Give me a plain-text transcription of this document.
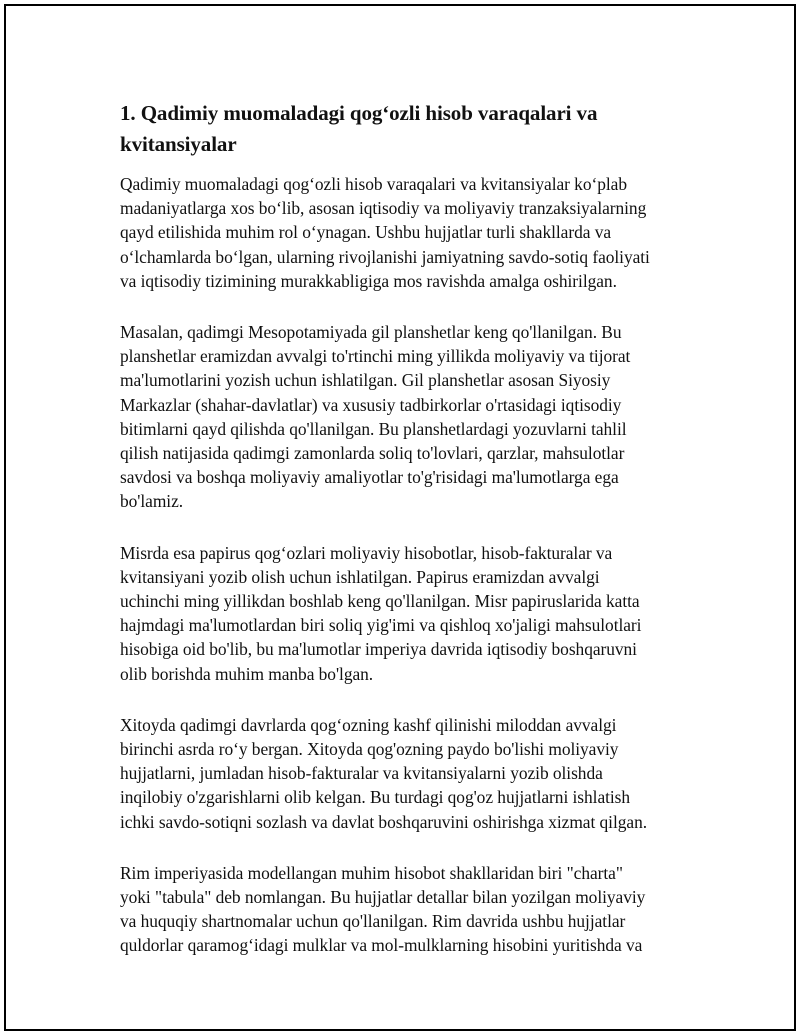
1. Qadimiy muomaladagi qog‘ozli hisob varaqalari va kvitansiyalar

Qadimiy muomaladagi qog‘ozli hisob varaqalari va kvitansiyalar ko‘plab
madaniyatlarga xos bo‘lib, asosan iqtisodiy va moliyaviy tranzaksiyalarning
qayd etilishida muhim rol o‘ynagan. Ushbu hujjatlar turli shakllarda va
o‘lchamlarda bo‘lgan, ularning rivojlanishi jamiyatning savdo-sotiq faoliyati
va iqtisodiy tizimining murakkabligiga mos ravishda amalga oshirilgan.

Masalan, qadimgi Mesopotamiyada gil planshetlar keng qo'llanilgan. Bu
planshetlar eramizdan avvalgi to'rtinchi ming yillikda moliyaviy va tijorat
ma'lumotlarini yozish uchun ishlatilgan. Gil planshetlar asosan Siyosiy
Markazlar (shahar-davlatlar) va xususiy tadbirkorlar o'rtasidagi iqtisodiy
bitimlarni qayd qilishda qo'llanilgan. Bu planshetlardagi yozuvlarni tahlil
qilish natijasida qadimgi zamonlarda soliq to'lovlari, qarzlar, mahsulotlar
savdosi va boshqa moliyaviy amaliyotlar to'g'risidagi ma'lumotlarga ega
bo'lamiz.

Misrda esa papirus qog‘ozlari moliyaviy hisobotlar, hisob-fakturalar va
kvitansiyani yozib olish uchun ishlatilgan. Papirus eramizdan avvalgi
uchinchi ming yillikdan boshlab keng qo'llanilgan. Misr papiruslarida katta
hajmdagi ma'lumotlardan biri soliq yig'imi va qishloq xo'jaligi mahsulotlari
hisobiga oid bo'lib, bu ma'lumotlar imperiya davrida iqtisodiy boshqaruvni
olib borishda muhim manba bo'lgan.

Xitoyda qadimgi davrlarda qog‘ozning kashf qilinishi miloddan avvalgi
birinchi asrda ro‘y bergan. Xitoyda qog'ozning paydo bo'lishi moliyaviy
hujjatlarni, jumladan hisob-fakturalar va kvitansiyalarni yozib olishda
inqilobiy o'zgarishlarni olib kelgan. Bu turdagi qog'oz hujjatlarni ishlatish
ichki savdo-sotiqni sozlash va davlat boshqaruvini oshirishga xizmat qilgan.

Rim imperiyasida modellangan muhim hisobot shakllaridan biri "charta"
yoki "tabula" deb nomlangan. Bu hujjatlar detallar bilan yozilgan moliyaviy
va huquqiy shartnomalar uchun qo'llanilgan. Rim davrida ushbu hujjatlar
quldorlar qaramog‘idagi mulklar va mol-mulklarning hisobini yuritishda va
